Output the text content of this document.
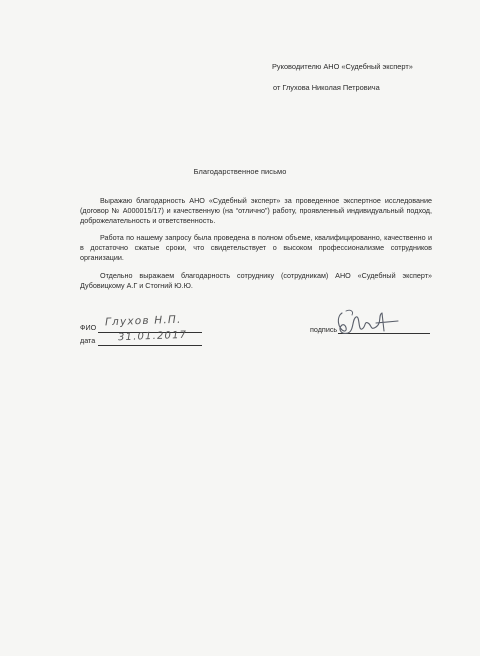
Руководителю АНО «Судебный эксперт»
от Глухова Николая Петровича
Благодарственное письмо

Выражаю благодарность АНО «Судебный эксперт» за проведенное экспертное исследование (договор № А000015/17) и качественную (на “отлично”) работу, проявленный индивидуальный подход, доброжелательность и ответственность.

Работа по нашему запросу была проведена в полном объеме, квалифицированно, качественно и в достаточно сжатые сроки, что свидетельствует о высоком профессионализме сотрудников организации.

Отдельно выражаем благодарность сотруднику (сотрудникам) АНО «Судебный эксперт» Дубовицкому А.Г и Стогний Ю.Ю.

ФИО Глухов Н.П.
дата 31.01.2017
подпись
